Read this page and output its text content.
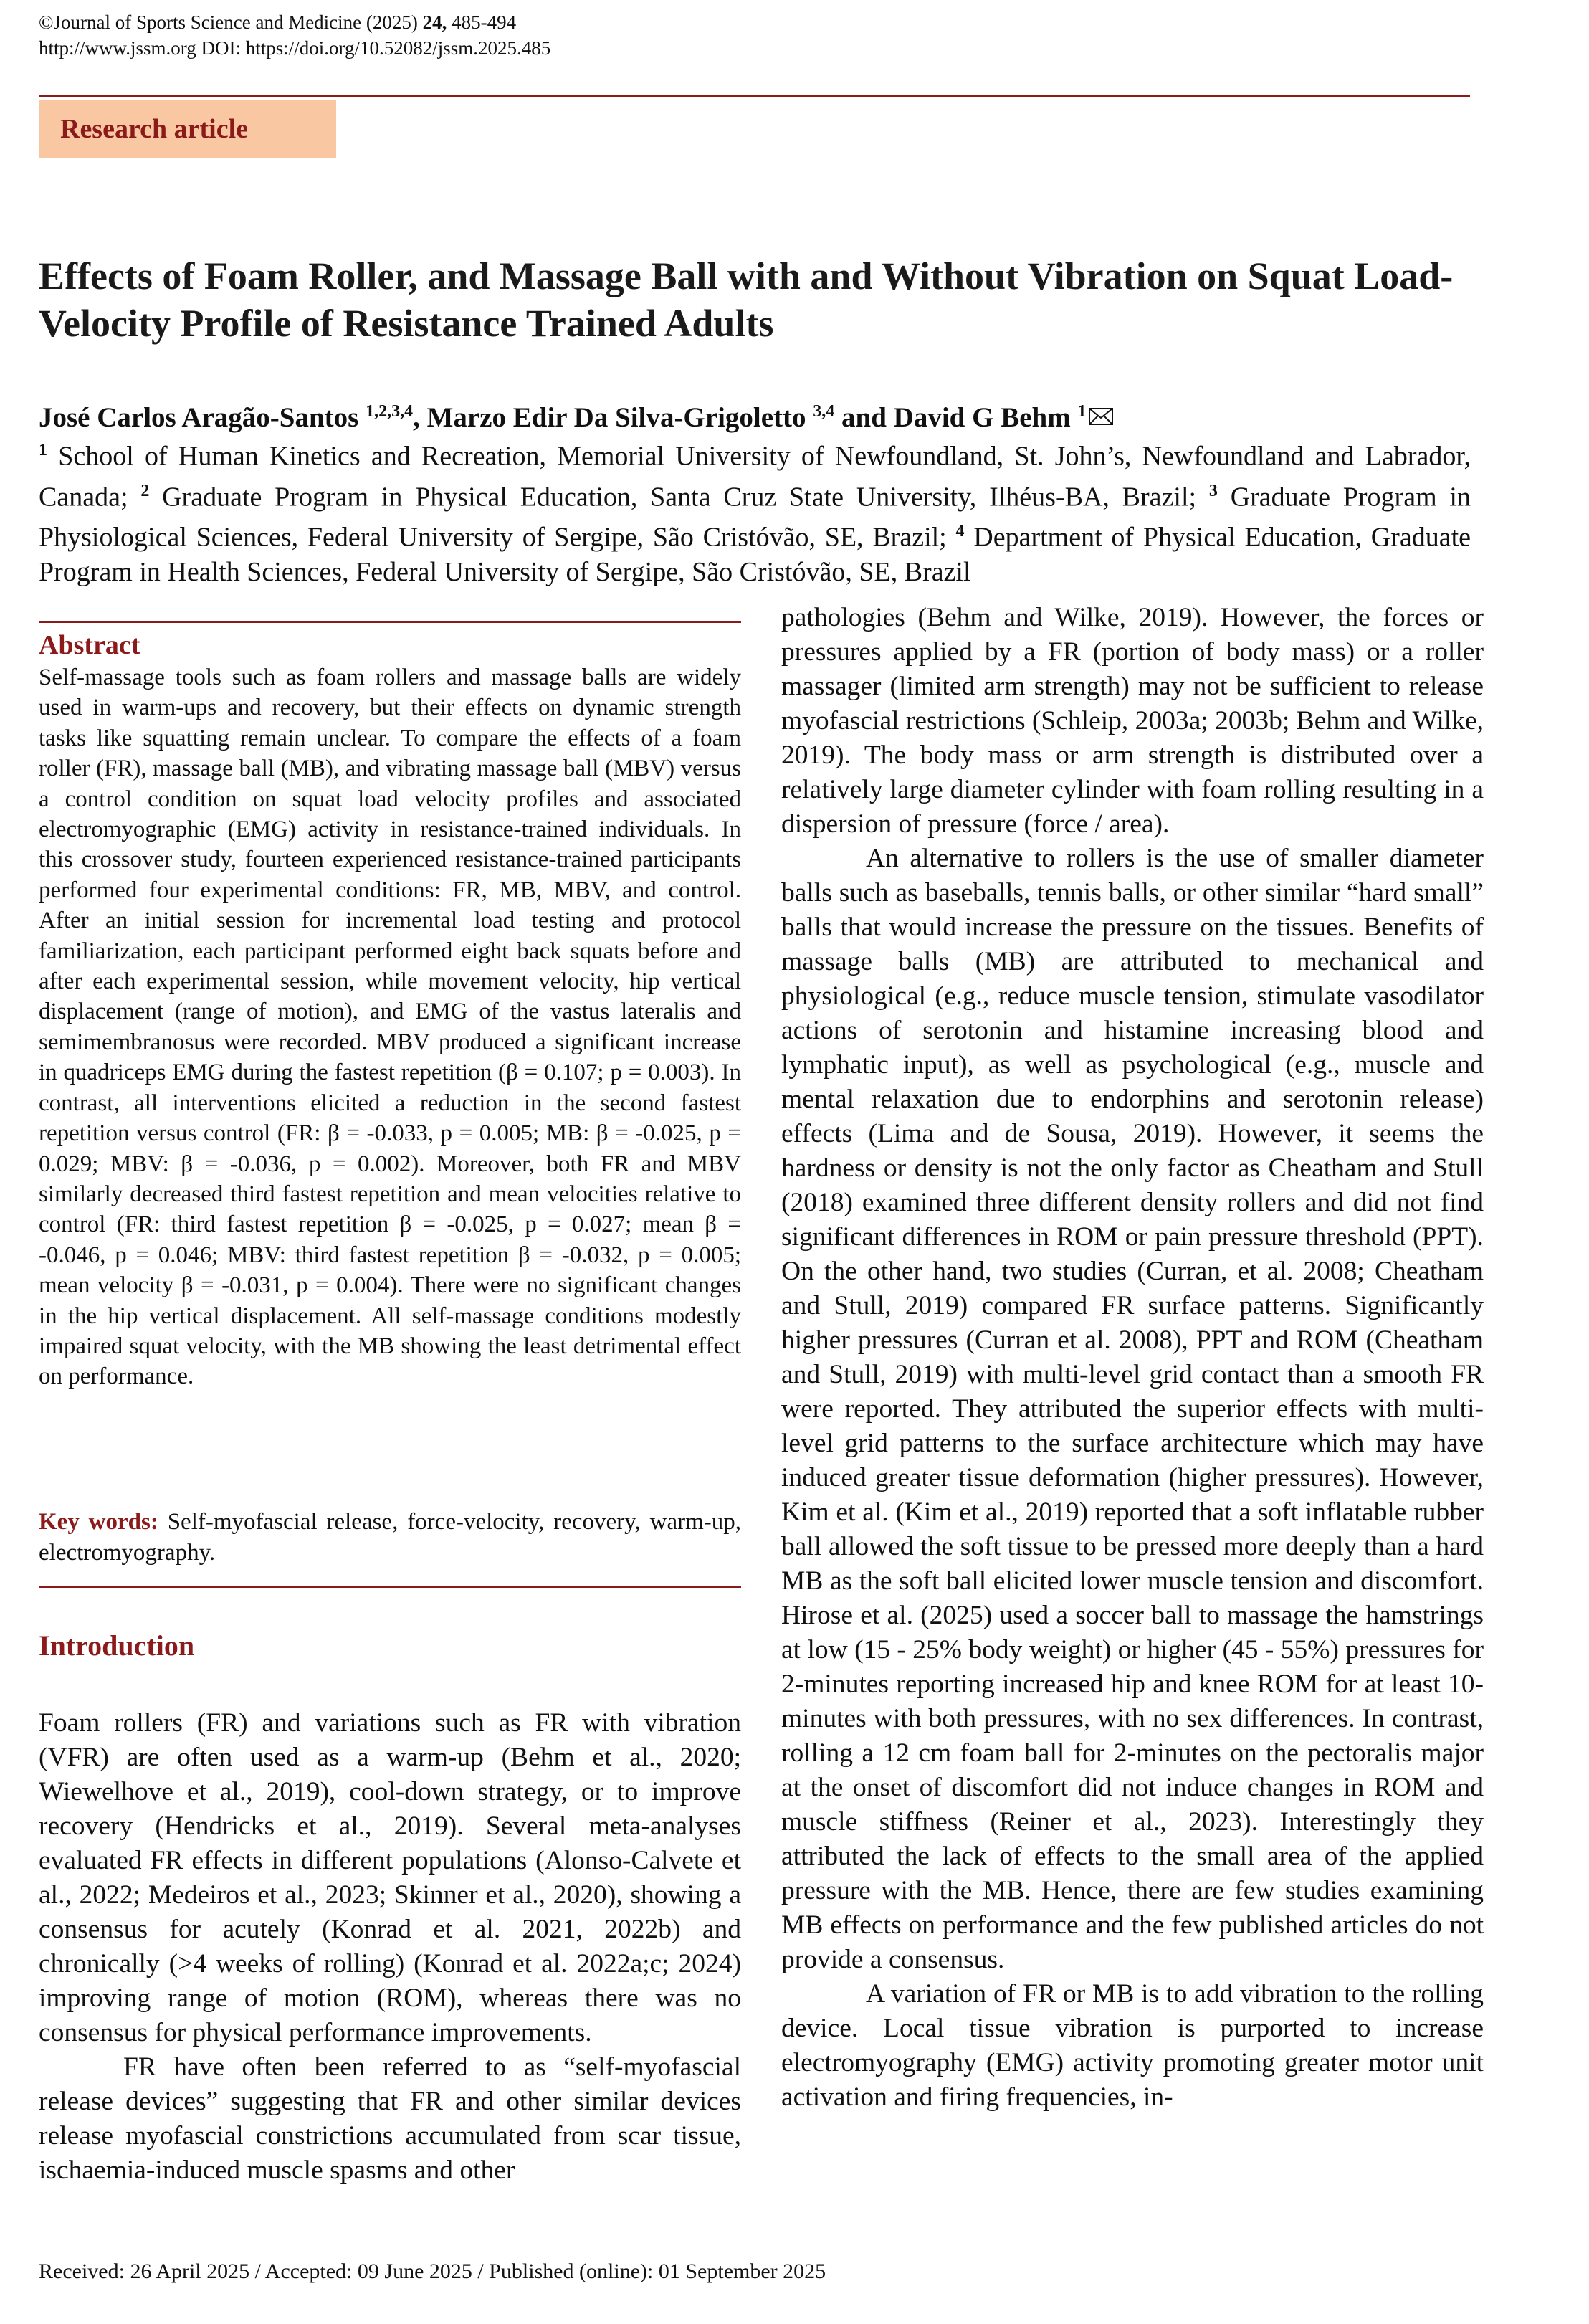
©Journal of Sports Science and Medicine (2025) 24, 485-494
http://www.jssm.org DOI: https://doi.org/10.52082/jssm.2025.485
Research article
Effects of Foam Roller, and Massage Ball with and Without Vibration on Squat Load-Velocity Profile of Resistance Trained Adults
José Carlos Aragão-Santos $^{1,2,3,4}$, Marzo Edir Da Silva-Grigoletto $^{3,4}$ and David G Behm $^1$

$^1$ School of Human Kinetics and Recreation, Memorial University of Newfoundland, St. John’s, Newfoundland and Labrador, Canada; $^2$ Graduate Program in Physical Education, Santa Cruz State University, Ilhéus-BA, Brazil; $^3$ Graduate Program in Physiological Sciences, Federal University of Sergipe, São Cristóvão, SE, Brazil; $^4$ Department of Physical Education, Graduate Program in Health Sciences, Federal University of Sergipe, São Cristóvão, SE, Brazil

Abstract

Self-massage tools such as foam rollers and massage balls are widely used in warm-ups and recovery, but their effects on dynamic strength tasks like squatting remain unclear. To compare the effects of a foam roller (FR), massage ball (MB), and vibrating massage ball (MBV) versus a control condition on squat load velocity profiles and associated electromyographic (EMG) activity in resistance-trained individuals. In this crossover study, fourteen experienced resistance-trained participants performed four experimental conditions: FR, MB, MBV, and control. After an initial session for incremental load testing and protocol familiarization, each participant performed eight back squats before and after each experimental session, while movement velocity, hip vertical displacement (range of motion), and EMG of the vastus lateralis and semimembranosus were recorded. MBV produced a significant increase in quadriceps EMG during the fastest repetition (β = 0.107; p = 0.003). In contrast, all interventions elicited a reduction in the second fastest repetition versus control (FR: β = -0.033, p = 0.005; MB: β = -0.025, p = 0.029; MBV: β = -0.036, p = 0.002). Moreover, both FR and MBV similarly decreased third fastest repetition and mean velocities relative to control (FR: third fastest repetition β = -0.025, p = 0.027; mean β = -0.046, p = 0.046; MBV: third fastest repetition β = -0.032, p = 0.005; mean velocity β = -0.031, p = 0.004). There were no significant changes in the hip vertical displacement. All self-massage conditions modestly impaired squat velocity, with the MB showing the least detrimental effect on performance.

Key words: Self-myofascial release, force-velocity, recovery, warm-up, electromyography.

Introduction

Foam rollers (FR) and variations such as FR with vibration (VFR) are often used as a warm-up (Behm et al., 2020; Wiewelhove et al., 2019), cool-down strategy, or to improve recovery (Hendricks et al., 2019). Several meta-analyses evaluated FR effects in different populations (Alonso-Calvete et al., 2022; Medeiros et al., 2023; Skinner et al., 2020), showing a consensus for acutely (Konrad et al. 2021, 2022b) and chronically (>4 weeks of rolling) (Konrad et al. 2022a;c; 2024) improving range of motion (ROM), whereas there was no consensus for physical performance improvements.

FR have often been referred to as “self-myofascial release devices” suggesting that FR and other similar devices release myofascial constrictions accumulated from scar tissue, ischaemia-induced muscle spasms and other

pathologies (Behm and Wilke, 2019). However, the forces or pressures applied by a FR (portion of body mass) or a roller massager (limited arm strength) may not be sufficient to release myofascial restrictions (Schleip, 2003a; 2003b; Behm and Wilke, 2019). The body mass or arm strength is distributed over a relatively large diameter cylinder with foam rolling resulting in a dispersion of pressure (force / area).

An alternative to rollers is the use of smaller diameter balls such as baseballs, tennis balls, or other similar “hard small” balls that would increase the pressure on the tissues. Benefits of massage balls (MB) are attributed to mechanical and physiological (e.g., reduce muscle tension, stimulate vasodilator actions of serotonin and histamine increasing blood and lymphatic input), as well as psychological (e.g., muscle and mental relaxation due to endorphins and serotonin release) effects (Lima and de Sousa, 2019). However, it seems the hardness or density is not the only factor as Cheatham and Stull (2018) examined three different density rollers and did not find significant differences in ROM or pain pressure threshold (PPT). On the other hand, two studies (Curran, et al. 2008; Cheatham and Stull, 2019) compared FR surface patterns. Significantly higher pressures (Curran et al. 2008), PPT and ROM (Cheatham and Stull, 2019) with multi-level grid contact than a smooth FR were reported. They attributed the superior effects with multi-level grid patterns to the surface architecture which may have induced greater tissue deformation (higher pressures). However, Kim et al. (Kim et al., 2019) reported that a soft inflatable rubber ball allowed the soft tissue to be pressed more deeply than a hard MB as the soft ball elicited lower muscle tension and discomfort. Hirose et al. (2025) used a soccer ball to massage the hamstrings at low (15 - 25% body weight) or higher (45 - 55%) pressures for 2-minutes reporting increased hip and knee ROM for at least 10-minutes with both pressures, with no sex differences. In contrast, rolling a 12 cm foam ball for 2-minutes on the pectoralis major at the onset of discomfort did not induce changes in ROM and muscle stiffness (Reiner et al., 2023). Interestingly they attributed the lack of effects to the small area of the applied pressure with the MB. Hence, there are few studies examining MB effects on performance and the few published articles do not provide a consensus.

A variation of FR or MB is to add vibration to the rolling device. Local tissue vibration is purported to increase electromyography (EMG) activity promoting greater motor unit activation and firing frequencies, in-

Received: 26 April 2025 / Accepted: 09 June 2025 / Published (online): 01 September 2025
